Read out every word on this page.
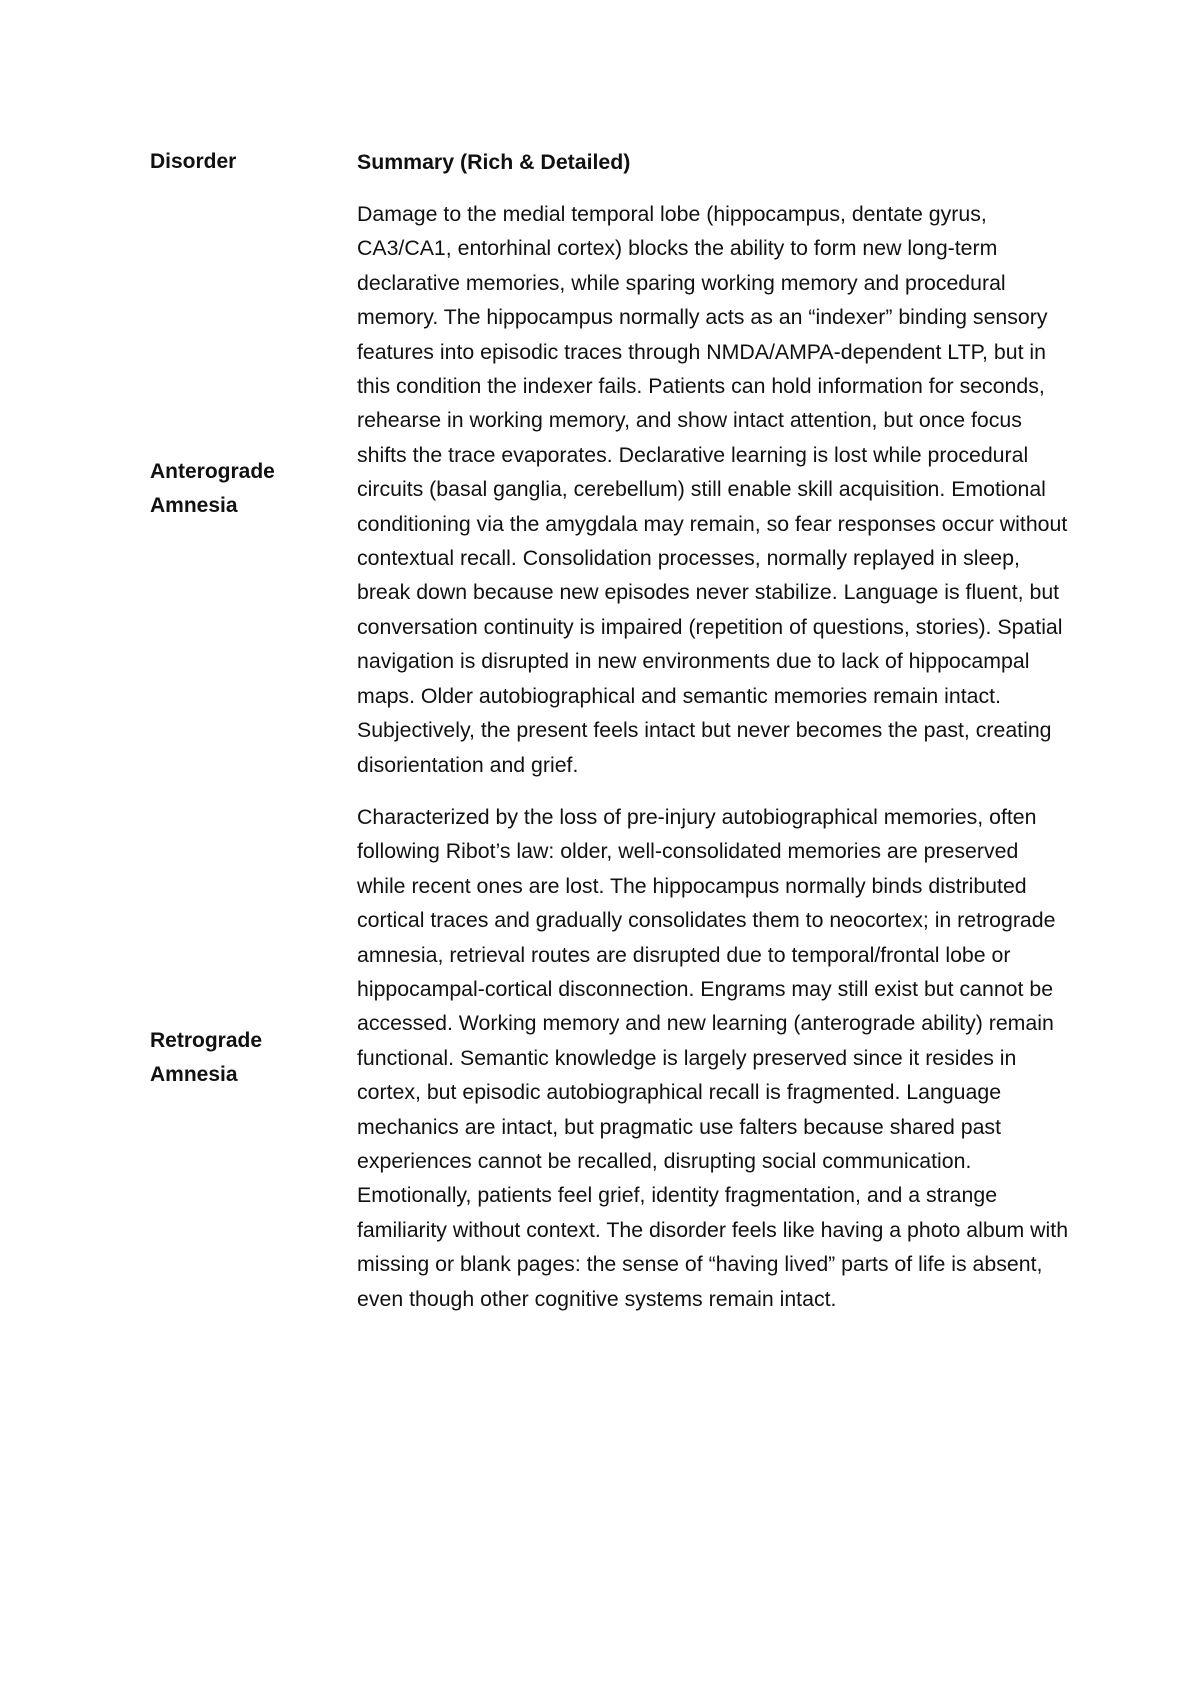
Disorder	Summary (Rich & Detailed)
Anterograde
Amnesia

Damage to the medial temporal lobe (hippocampus, dentate gyrus, CA3/CA1, entorhinal cortex) blocks the ability to form new long-term declarative memories, while sparing working memory and procedural memory. The hippocampus normally acts as an “indexer” binding sensory features into episodic traces through NMDA/AMPA-dependent LTP, but in this condition the indexer fails. Patients can hold information for seconds, rehearse in working memory, and show intact attention, but once focus shifts the trace evaporates. Declarative learning is lost while procedural circuits (basal ganglia, cerebellum) still enable skill acquisition. Emotional conditioning via the amygdala may remain, so fear responses occur without contextual recall. Consolidation processes, normally replayed in sleep, break down because new episodes never stabilize. Language is fluent, but conversation continuity is impaired (repetition of questions, stories). Spatial navigation is disrupted in new environments due to lack of hippocampal maps. Older autobiographical and semantic memories remain intact. Subjectively, the present feels intact but never becomes the past, creating disorientation and grief.

Retrograde
Amnesia

Characterized by the loss of pre-injury autobiographical memories, often following Ribot’s law: older, well-consolidated memories are preserved while recent ones are lost. The hippocampus normally binds distributed cortical traces and gradually consolidates them to neocortex; in retrograde amnesia, retrieval routes are disrupted due to temporal/frontal lobe or hippocampal-cortical disconnection. Engrams may still exist but cannot be accessed. Working memory and new learning (anterograde ability) remain functional. Semantic knowledge is largely preserved since it resides in cortex, but episodic autobiographical recall is fragmented. Language mechanics are intact, but pragmatic use falters because shared past experiences cannot be recalled, disrupting social communication. Emotionally, patients feel grief, identity fragmentation, and a strange familiarity without context. The disorder feels like having a photo album with missing or blank pages: the sense of “having lived” parts of life is absent, even though other cognitive systems remain intact.
